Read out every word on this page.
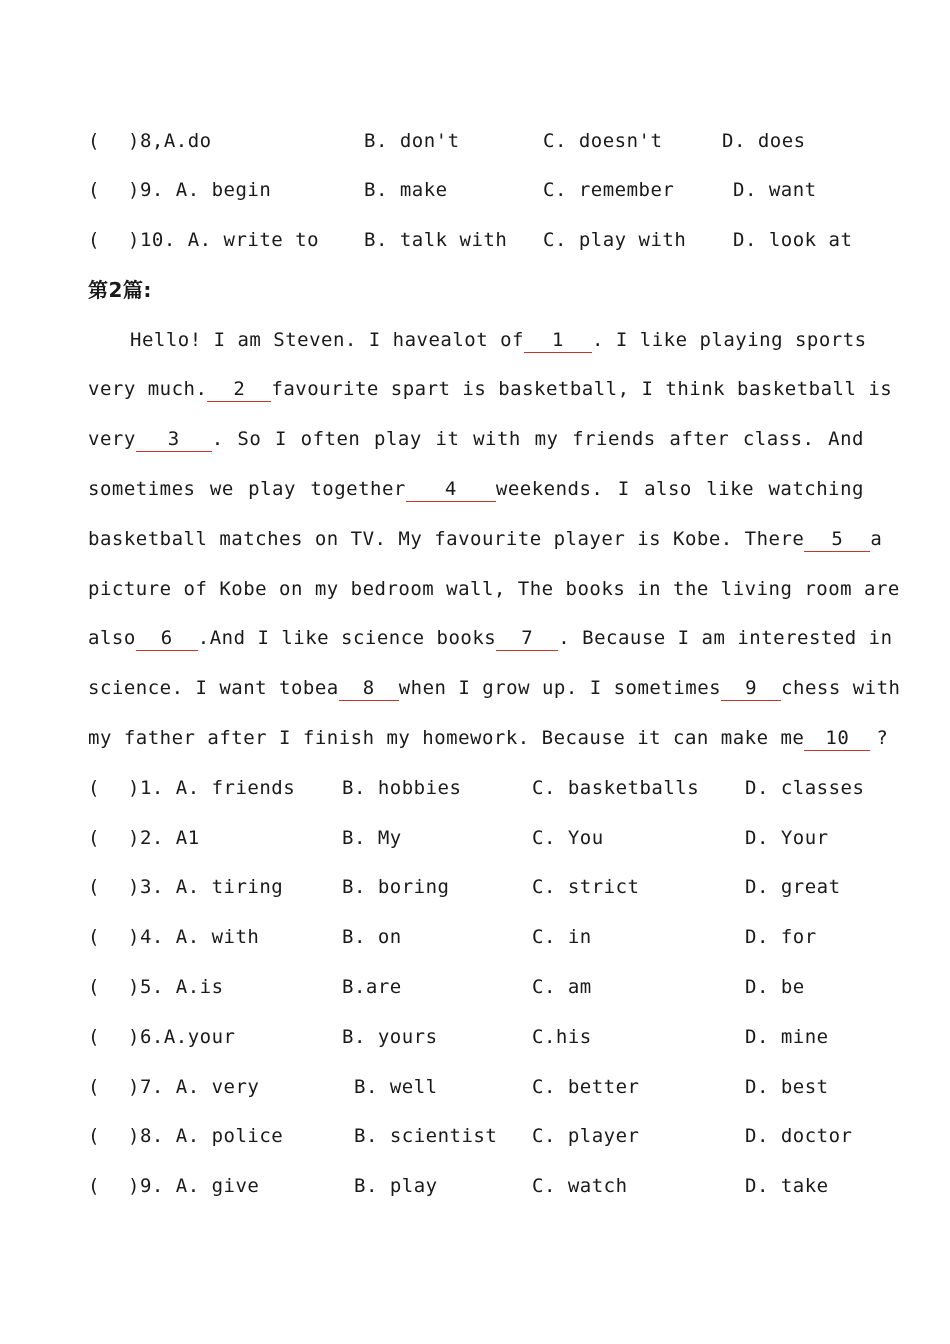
( )8,A.do	B. don't	C. doesn't	D. does
( )9. A. begin	B. make	C. remember	D. want
( )10. A. write to B. talk with C. play with D. look at
第2篇:
Hello! I am Steven. I havealot of 1 . I like playing sports
very much. 2 favourite spart is basketball, I think basketball is
very 3 . So I often play it with my friends after class. And
sometimes we play together 4 weekends. I also like watching
basketball matches on TV. My favourite player is Kobe. There 5 a
picture of Kobe on my bedroom wall, The books in the living room are
also 6 .And I like science books 7 . Because I am interested in
science. I want tobea 8 when I grow up. I sometimes 9 chess with
my father after I finish my homework. Because it can make me 10 ?
( )1. A. friends B. hobbies	C. basketballs D. classes
( )2. A1	B. My	C. You	D. Your
( )3. A. tiring	B. boring	C. strict	D. great
( )4. A. with	B. on	C. in	D. for
( )5. A.is	B.are	C. am	D. be
( )6.A.your	B. yours	C.his	D. mine
( )7. A. very	B. well	C. better	D. best
( )8. A. police	B. scientist C. player	D. doctor
( )9. A. give	B. play	C. watch	D. take
